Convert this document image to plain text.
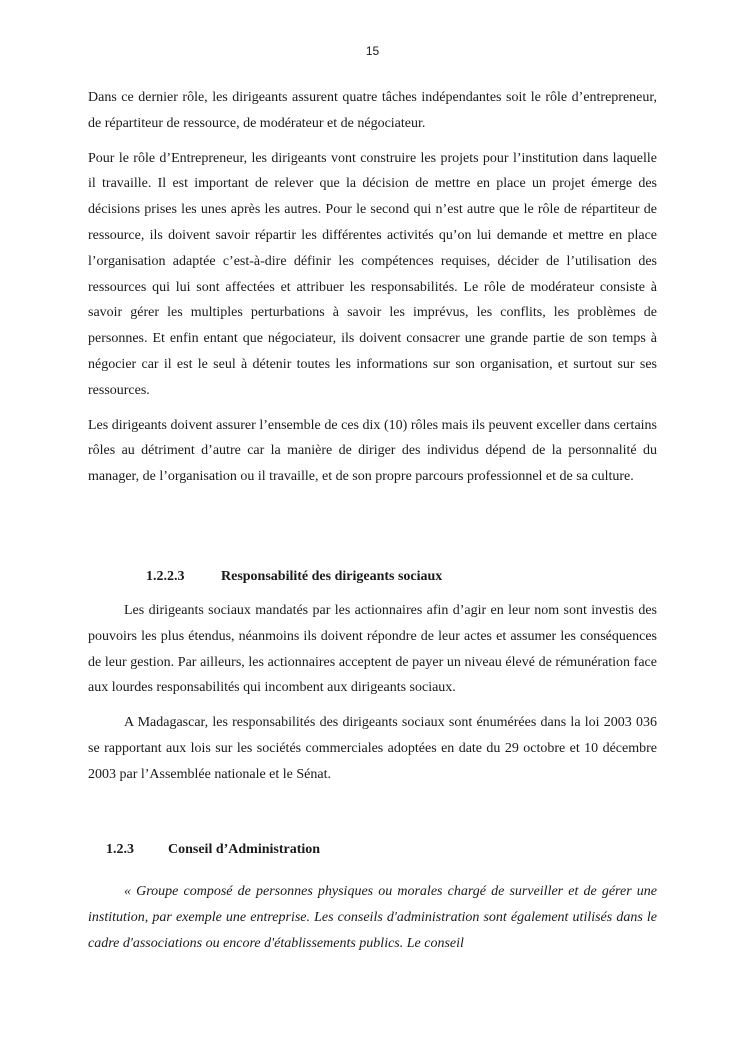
15

Dans ce dernier rôle, les dirigeants assurent quatre tâches indépendantes soit le rôle d’entrepreneur, de répartiteur de ressource, de modérateur et de négociateur.

Pour le rôle d’Entrepreneur, les dirigeants vont construire les projets pour l’institution dans laquelle il travaille. Il est important de relever que la décision de mettre en place un projet émerge des décisions prises les unes après les autres. Pour le second qui n’est autre que le rôle de répartiteur de ressource, ils doivent savoir répartir les différentes activités qu’on lui demande et mettre en place l’organisation adaptée c’est-à-dire définir les compétences requises, décider de l’utilisation des ressources qui lui sont affectées et attribuer les responsabilités. Le rôle de modérateur consiste à savoir gérer les multiples perturbations à savoir les imprévus, les conflits, les problèmes de personnes. Et enfin entant que négociateur, ils doivent consacrer une grande partie de son temps à négocier car il est le seul à détenir toutes les informations sur son organisation, et surtout sur ses ressources.

Les dirigeants doivent assurer l’ensemble de ces dix (10) rôles mais ils peuvent exceller dans certains rôles au détriment d’autre car la manière de diriger des individus dépend de la personnalité du manager, de l’organisation ou il travaille, et de son propre parcours professionnel et de sa culture.

1.2.2.3	Responsabilité des dirigeants sociaux

Les dirigeants sociaux mandatés par les actionnaires afin d’agir en leur nom sont investis des pouvoirs les plus étendus, néanmoins ils doivent répondre de leur actes et assumer les conséquences de leur gestion. Par ailleurs, les actionnaires acceptent de payer un niveau élevé de rémunération face aux lourdes responsabilités qui incombent aux dirigeants sociaux.

A Madagascar, les responsabilités des dirigeants sociaux sont énumérées dans la loi 2003 036 se rapportant aux lois sur les sociétés commerciales adoptées en date du 29 octobre et 10 décembre 2003 par l’Assemblée nationale et le Sénat.

1.2.3 Conseil d’Administration

« Groupe composé de personnes physiques ou morales chargé de surveiller et de gérer une institution, par exemple une entreprise. Les conseils d'administration sont également utilisés dans le cadre d'associations ou encore d'établissements publics. Le conseil
